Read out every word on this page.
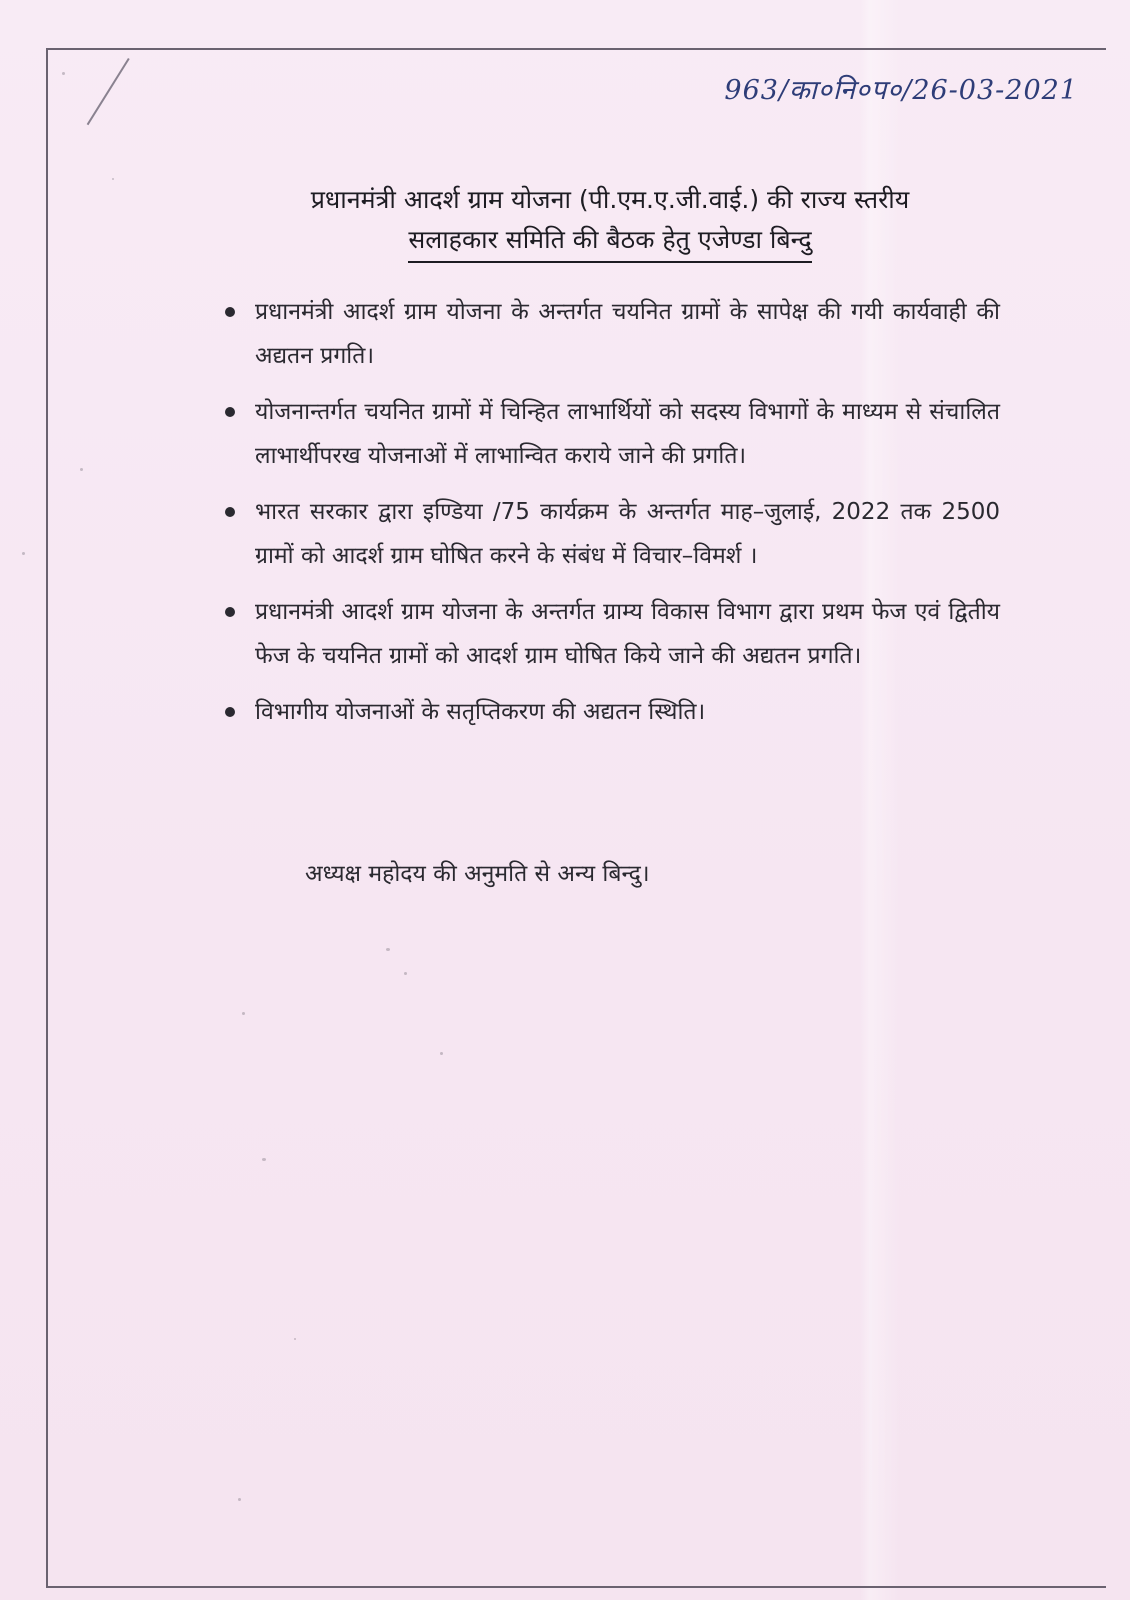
963/का०नि०प०/26-03-2021
प्रधानमंत्री आदर्श ग्राम योजना (पी.एम.ए.जी.वाई.) की राज्य स्तरीय
सलाहकार समिति की बैठक हेतु एजेण्डा बिन्दु
प्रधानमंत्री आदर्श ग्राम योजना के अन्तर्गत चयनित ग्रामों के सापेक्ष की गयी कार्यवाही की अद्यतन प्रगति।
योजनान्तर्गत चयनित ग्रामों में चिन्हित लाभार्थियों को सदस्य विभागों के माध्यम से संचालित लाभार्थीपरख योजनाओं में लाभान्वित कराये जाने की प्रगति।
भारत सरकार द्वारा इण्डिया /75 कार्यक्रम के अन्तर्गत माह–जुलाई, 2022 तक 2500 ग्रामों को आदर्श ग्राम घोषित करने के संबंध में विचार–विमर्श ।
प्रधानमंत्री आदर्श ग्राम योजना के अन्तर्गत ग्राम्य विकास विभाग द्वारा प्रथम फेज एवं द्वितीय फेज के चयनित ग्रामों को आदर्श ग्राम घोषित किये जाने की अद्यतन प्रगति।
विभागीय योजनाओं के सतृप्तिकरण की अद्यतन स्थिति।
अध्यक्ष महोदय की अनुमति से अन्य बिन्दु।
